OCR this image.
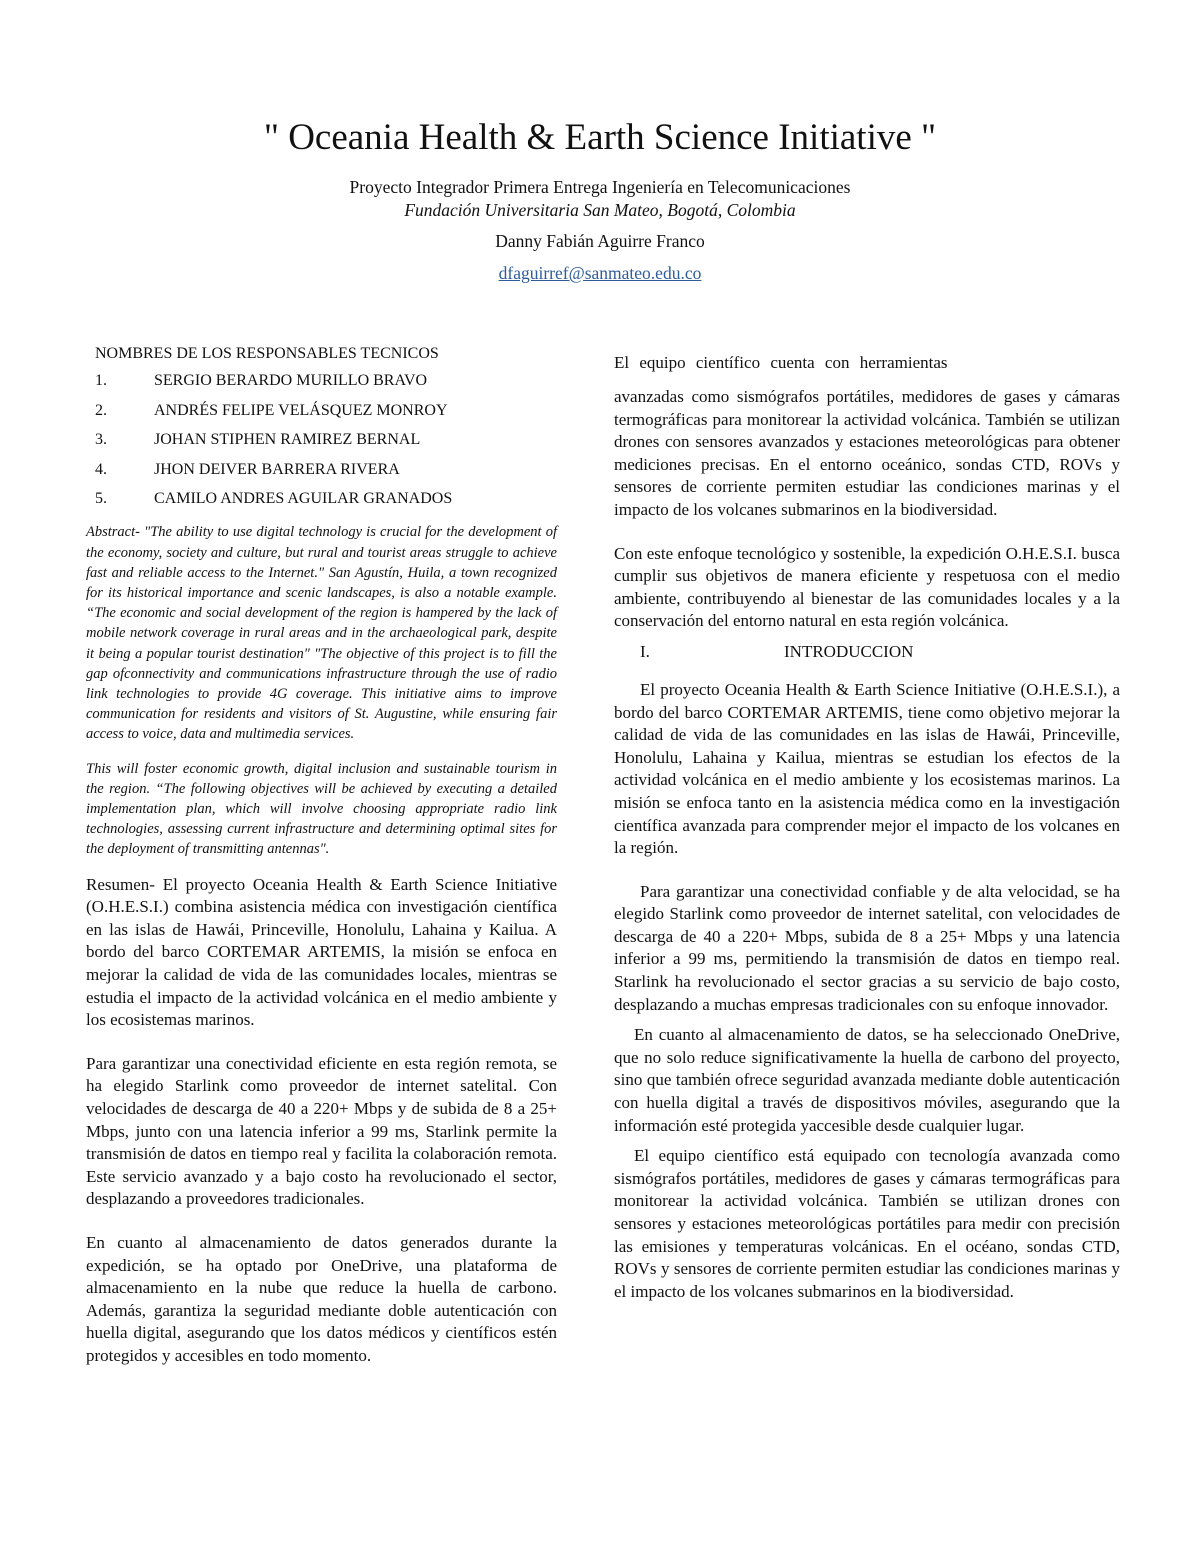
" Oceania Health & Earth Science Initiative "
Proyecto Integrador Primera Entrega Ingeniería en Telecomunicaciones
Fundación Universitaria San Mateo, Bogotá, Colombia
Danny Fabián Aguirre Franco
dfaguirref@sanmateo.edu.co
NOMBRES DE LOS RESPONSABLES TECNICOS
1.	SERGIO BERARDO MURILLO BRAVO
2.	ANDRÉS FELIPE VELÁSQUEZ MONROY
3.	JOHAN STIPHEN RAMIREZ BERNAL
4.	JHON DEIVER BARRERA RIVERA
5.	CAMILO ANDRES AGUILAR GRANADOS

Abstract- "The ability to use digital technology is crucial for the development of the economy, society and culture, but rural and tourist areas struggle to achieve fast and reliable access to the Internet." San Agustín, Huila, a town recognized for its historical importance and scenic landscapes, is also a notable example. “The economic and social development of the region is hampered by the lack of mobile network coverage in rural areas and in the archaeological park, despite it being a popular tourist destination" "The objective of this project is to fill the gap ofconnectivity and communications infrastructure through the use of radio link technologies to provide 4G coverage. This initiative aims to improve communication for residents and visitors of St. Augustine, while ensuring fair access to voice, data and multimedia services.

This will foster economic growth, digital inclusion and sustainable tourism in the region. “The following objectives will be achieved by executing a detailed implementation plan, which will involve choosing appropriate radio link technologies, assessing current infrastructure and determining optimal sites for the deployment of transmitting antennas".

Resumen- El proyecto Oceania Health & Earth Science Initiative (O.H.E.S.I.) combina asistencia médica con investigación científica en las islas de Hawái, Princeville, Honolulu, Lahaina y Kailua. A bordo del barco CORTEMAR ARTEMIS, la misión se enfoca en mejorar la calidad de vida de las comunidades locales, mientras se estudia el impacto de la actividad volcánica en el medio ambiente y los ecosistemas marinos.

Para garantizar una conectividad eficiente en esta región remota, se ha elegido Starlink como proveedor de internet satelital. Con velocidades de descarga de 40 a 220+ Mbps y de subida de 8 a 25+ Mbps, junto con una latencia inferior a 99 ms, Starlink permite la transmisión de datos en tiempo real y facilita la colaboración remota. Este servicio avanzado y a bajo costo ha revolucionado el sector, desplazando a proveedores tradicionales.

En cuanto al almacenamiento de datos generados durante la expedición, se ha optado por OneDrive, una plataforma de almacenamiento en la nube que reduce la huella de carbono. Además, garantiza la seguridad mediante doble autenticación con huella digital, asegurando que los datos médicos y científicos estén protegidos y accesibles en todo momento.

El equipo científico cuenta con herramientas

avanzadas como sismógrafos portátiles, medidores de gases y cámaras termográficas para monitorear la actividad volcánica. También se utilizan drones con sensores avanzados y estaciones meteorológicas para obtener mediciones precisas. En el entorno oceánico, sondas CTD, ROVs y sensores de corriente permiten estudiar las condiciones marinas y el impacto de los volcanes submarinos en la biodiversidad.

Con este enfoque tecnológico y sostenible, la expedición O.H.E.S.I. busca cumplir sus objetivos de manera eficiente y respetuosa con el medio ambiente, contribuyendo al bienestar de las comunidades locales y a la conservación del entorno natural en esta región volcánica.

I.	INTRODUCCION

El proyecto Oceania Health & Earth Science Initiative (O.H.E.S.I.), a bordo del barco CORTEMAR ARTEMIS, tiene como objetivo mejorar la calidad de vida de las comunidades en las islas de Hawái, Princeville, Honolulu, Lahaina y Kailua, mientras se estudian los efectos de la actividad volcánica en el medio ambiente y los ecosistemas marinos. La misión se enfoca tanto en la asistencia médica como en la investigación científica avanzada para comprender mejor el impacto de los volcanes en la región.

Para garantizar una conectividad confiable y de alta velocidad, se ha elegido Starlink como proveedor de internet satelital, con velocidades de descarga de 40 a 220+ Mbps, subida de 8 a 25+ Mbps y una latencia inferior a 99 ms, permitiendo la transmisión de datos en tiempo real. Starlink ha revolucionado el sector gracias a su servicio de bajo costo, desplazando a muchas empresas tradicionales con su enfoque innovador.

En cuanto al almacenamiento de datos, se ha seleccionado OneDrive, que no solo reduce significativamente la huella de carbono del proyecto, sino que también ofrece seguridad avanzada mediante doble autenticación con huella digital a través de dispositivos móviles, asegurando que la información esté protegida yaccesible desde cualquier lugar.

El equipo científico está equipado con tecnología avanzada como sismógrafos portátiles, medidores de gases y cámaras termográficas para monitorear la actividad volcánica. También se utilizan drones con sensores y estaciones meteorológicas portátiles para medir con precisión las emisiones y temperaturas volcánicas. En el océano, sondas CTD, ROVs y sensores de corriente permiten estudiar las condiciones marinas y el impacto de los volcanes submarinos en la biodiversidad.
